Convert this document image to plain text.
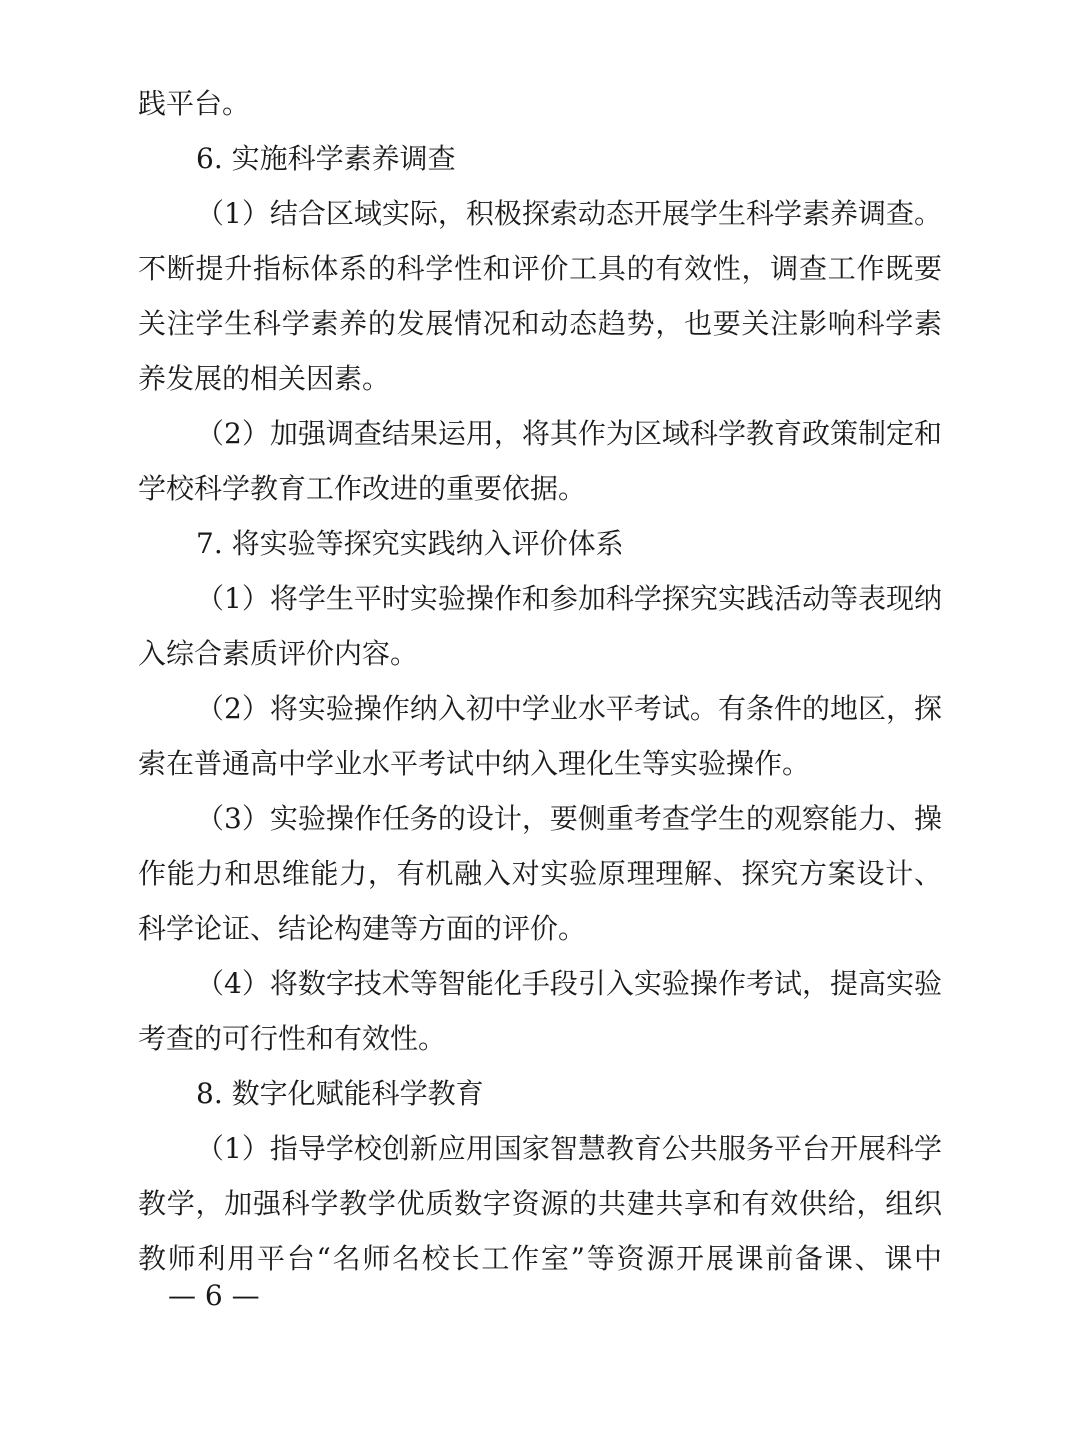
践平台。
6. 实施科学素养调查
（1）结合区域实际，积极探索动态开展学生科学素养调查。
不断提升指标体系的科学性和评价工具的有效性，调查工作既要
关注学生科学素养的发展情况和动态趋势，也要关注影响科学素
养发展的相关因素。
（2）加强调查结果运用，将其作为区域科学教育政策制定和
学校科学教育工作改进的重要依据。
7. 将实验等探究实践纳入评价体系
（1）将学生平时实验操作和参加科学探究实践活动等表现纳
入综合素质评价内容。
（2）将实验操作纳入初中学业水平考试。有条件的地区，探
索在普通高中学业水平考试中纳入理化生等实验操作。
（3）实验操作任务的设计，要侧重考查学生的观察能力、操
作能力和思维能力，有机融入对实验原理理解、探究方案设计、
科学论证、结论构建等方面的评价。
（4）将数字技术等智能化手段引入实验操作考试，提高实验
考查的可行性和有效性。
8. 数字化赋能科学教育
（1）指导学校创新应用国家智慧教育公共服务平台开展科学
教学，加强科学教学优质数字资源的共建共享和有效供给，组织
教师利用平台“名师名校长工作室”等资源开展课前备课、课中
— 6 —
